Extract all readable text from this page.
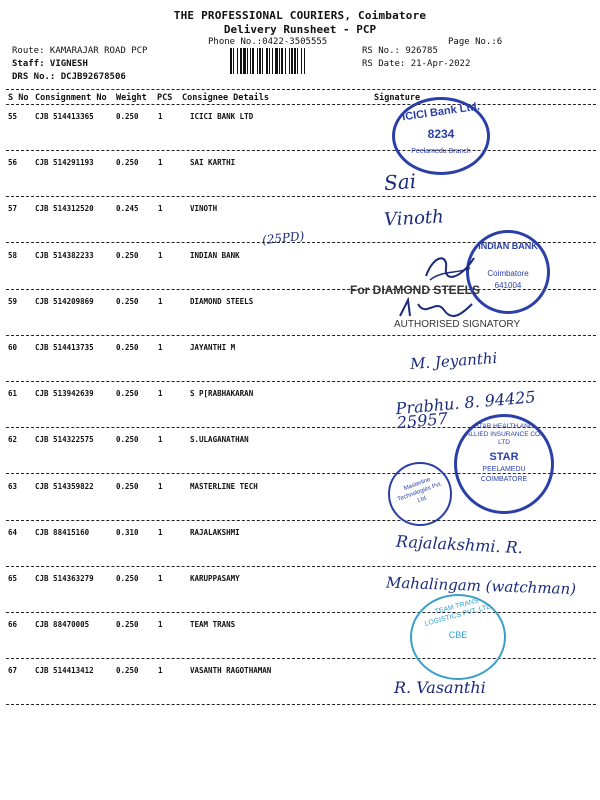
THE PROFESSIONAL COURIERS, Coimbatore
Delivery Runsheet - PCP
Phone No.:0422-3505555	Page No.:6
Route: KAMARAJAR ROAD PCP
Staff: VIGNESH
DRS No.: DCJB92678506
RS No.: 926785
RS Date: 21-Apr-2022
S No Consignment No Weight PCS Consignee Details	Signature
55 CJB 514413365	0.250	1	ICICI BANK LTD
56 CJB 514291193	0.250	1	SAI KARTHI
57 CJB 514312520	0.245	1	VINOTH
58 CJB 514382233	0.250	1	INDIAN BANK
59 CJB 514209869	0.250	1	DIAMOND STEELS
60 CJB 514413735	0.250	1	JAYANTHI M
61 CJB 513942639	0.250	1	S P[RABHAKARAN
62 CJB 514322575	0.250	1	S.ULAGANATHAN
63 CJB 514359822	0.250	1	MASTERLINE TECH
64 CJB 88415160	0.310	1	RAJALAKSHMI
65 CJB 514363279	0.250	1	KARUPPASAMY
66 CJB 88470005	0.250	1	TEAM TRANS
67 CJB 514413412	0.250	1	VASANTH RAGOTHAMAN
(25PD)
ICICI Bank Ltd.
8234
Peelamedu Branch
Sai
Vinoth
INDIAN BANK
Coimbatore
641004
For DIAMOND STEELS
AUTHORISED SIGNATORY
M. Jeyanthi
Prabhu. 8. 94425 25957	STAR HEALTH AND ALLIED INSURANCE CO. LTD
STAR
PEELAMEDU
COIMBATORE
Masterline Technologies Pvt. Ltd.
Rajalakshmi. R.
Mahalingam (watchman)
TEAM TRANS LOGISTICS PVT. LTD.
CBE
R. Vasanthi
